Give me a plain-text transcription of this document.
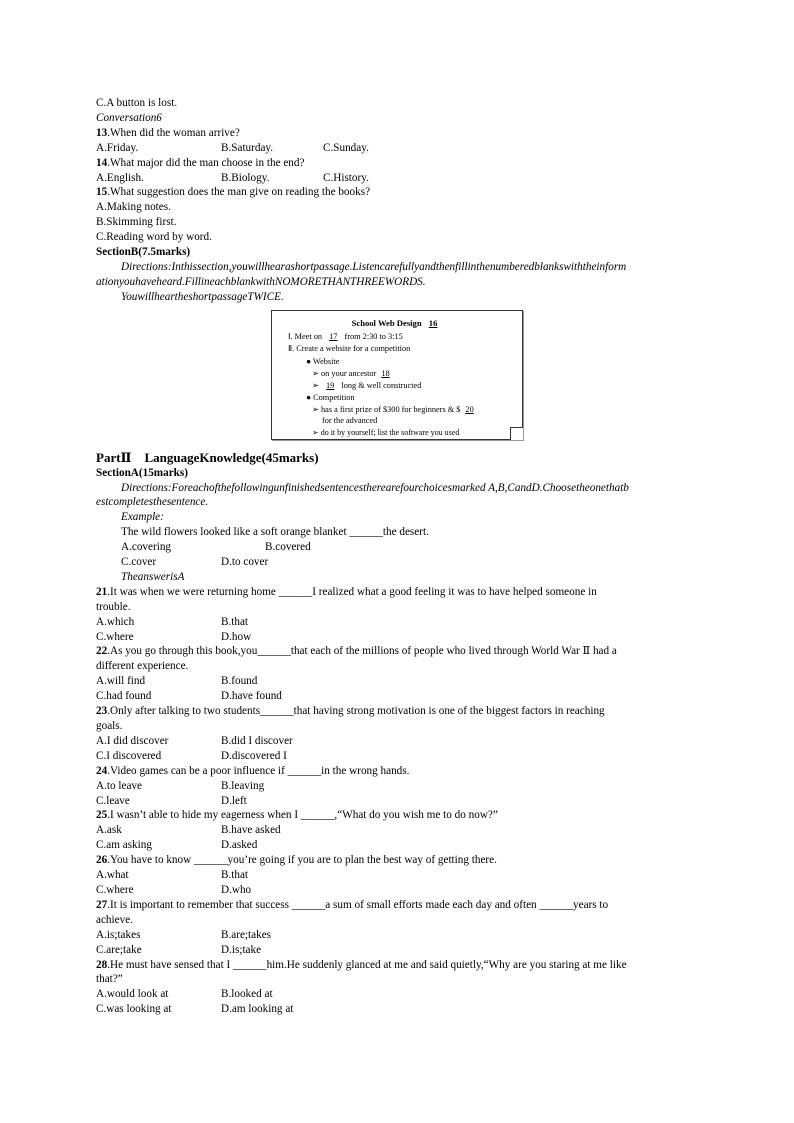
C.A button is lost.
Conversation6
13.When did the woman arrive?
A.Friday.	B.Saturday.	C.Sunday.
14.What major did the man choose in the end?
A.English.	B.Biology.	C.History.
15.What suggestion does the man give on reading the books?
A.Making notes.
B.Skimming first.
C.Reading word by word.
SectionB(7.5marks)
Directions:Inthissection,youwillhearashortpassage.Listencarefullyandthenfillinthenumberedblankswiththeinform
ationyouhaveheard.FillineachblankwithNOMORETHANTHREEWORDS.
YouwillheartheshortpassageTWICE.
School Web Design 16
Ⅰ. Meet on 17 from 2:30 to 3:15
Ⅱ. Create a website for a competition
● Website
➢ on your ancestor 18
➢ 19 long & well constructed
● Competition
➢ has a first prize of $300 for beginners & $ 20
for the advanced
➢ do it by yourself; list the software you used
PartⅡ    LanguageKnowledge(45marks)
SectionA(15marks)
Directions:Foreachofthefollowingunfinishedsentencestherearefourchoicesmarked A,B,CandD.Choosetheonethatb
estcompletesthesentence.
Example:
The wild flowers looked like a soft orange blanket ______the desert.
A.covering	B.covered
C.cover	D.to cover
TheanswerisA
21.It was when we were returning home ______I realized what a good feeling it was to have helped someone in
trouble.
A.which	B.that
C.where	D.how
22.As you go through this book,you______that each of the millions of people who lived through World War Ⅱ had a
different experience.
A.will find	B.found
C.had found	D.have found
23.Only after talking to two students______that having strong motivation is one of the biggest factors in reaching
goals.
A.I did discover	B.did I discover
C.I discovered	D.discovered I
24.Video games can be a poor influence if ______in the wrong hands.
A.to leave	B.leaving
C.leave	D.left
25.I wasn’t able to hide my eagerness when I ______,“What do you wish me to do now?”
A.ask	B.have asked
C.am asking	D.asked
26.You have to know ______you’re going if you are to plan the best way of getting there.
A.what	B.that
C.where	D.who
27.It is important to remember that success ______a sum of small efforts made each day and often ______years to
achieve.
A.is;takes	B.are;takes
C.are;take	D.is;take
28.He must have sensed that I ______him.He suddenly glanced at me and said quietly,“Why are you staring at me like
that?”
A.would look at	B.looked at
C.was looking at	D.am looking at
